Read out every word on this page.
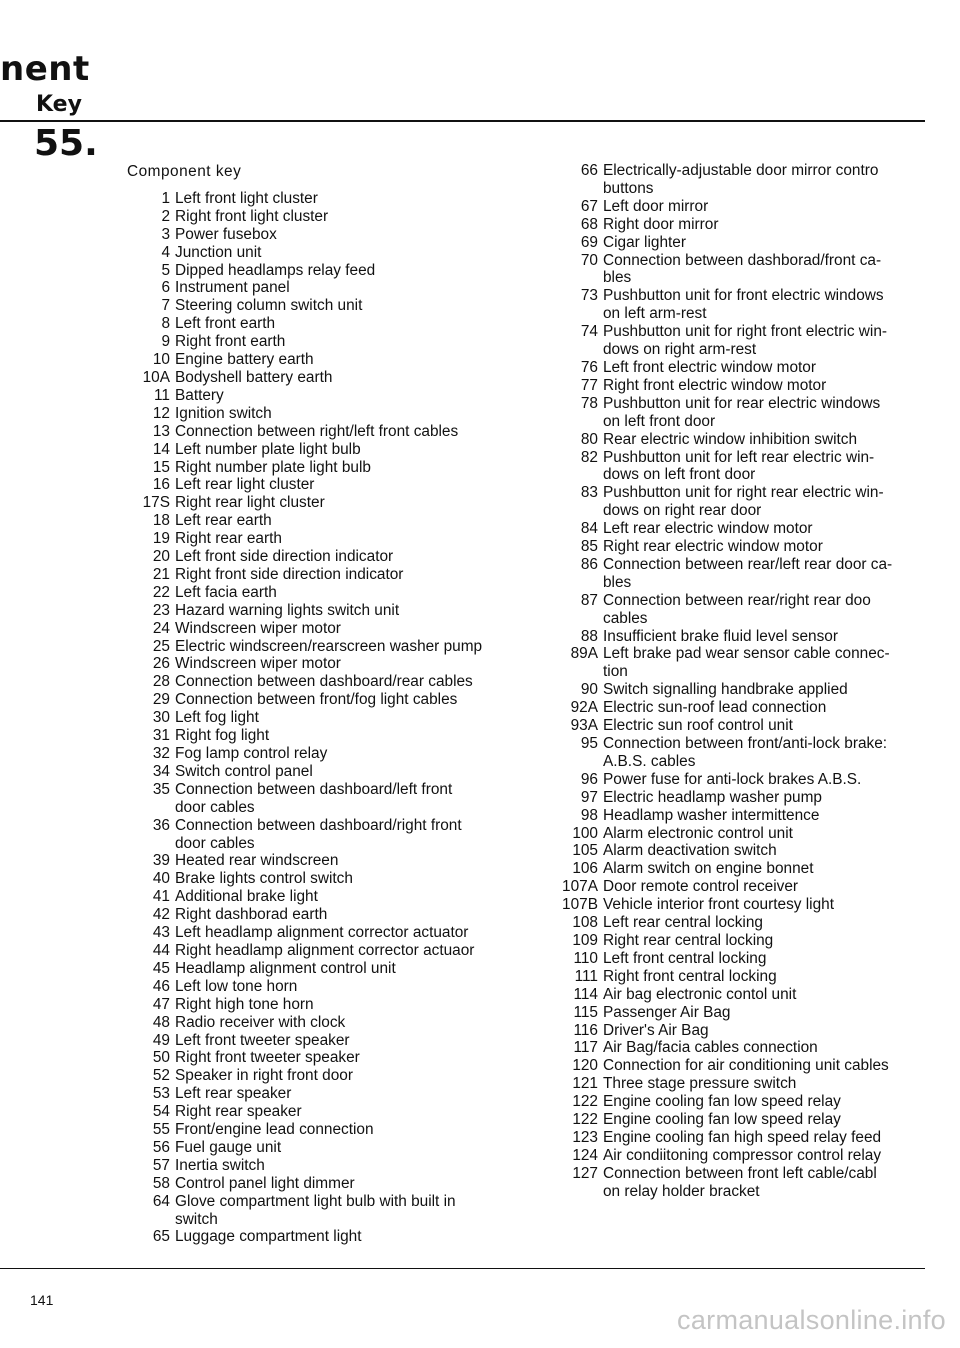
nent
Key
55.
Component key
1 Left front light cluster
2 Right front light cluster
3 Power fusebox
4 Junction unit
5 Dipped headlamps relay feed
6 Instrument panel
7 Steering column switch unit
8 Left front earth
9 Right front earth
10 Engine battery earth
10A Bodyshell battery earth
11 Battery
12 Ignition switch
13 Connection between right/left front cables
14 Left number plate light bulb
15 Right number plate light bulb
16 Left rear light cluster
17S Right rear light cluster
18 Left rear earth
19 Right rear earth
20 Left front side direction indicator
21 Right front side direction indicator
22 Left facia earth
23 Hazard warning lights switch unit
24 Windscreen wiper motor
25 Electric windscreen/rearscreen washer pump
26 Windscreen wiper motor
28 Connection between dashboard/rear cables
29 Connection between front/fog light cables
30 Left fog light
31 Right fog light
32 Fog lamp control relay
34 Switch control panel
35 Connection between dashboard/left front
door cables
36 Connection between dashboard/right front
door cables
39 Heated rear windscreen
40 Brake lights control switch
41 Additional brake light
42 Right dashborad earth
43 Left headlamp alignment corrector actuator
44 Right headlamp alignment corrector actuaor
45 Headlamp alignment control unit
46 Left low tone horn
47 Right high tone horn
48 Radio receiver with clock
49 Left front tweeter speaker
50 Right front tweeter speaker
52 Speaker in right front door
53 Left rear speaker
54 Right rear speaker
55 Front/engine lead connection
56 Fuel gauge unit
57 Inertia switch
58 Control panel light dimmer
64 Glove compartment light bulb with built in
switch
65 Luggage compartment light
66 Electrically-adjustable door mirror contro
buttons
67 Left door mirror
68 Right door mirror
69 Cigar lighter
70 Connection between dashborad/front ca-
bles
73 Pushbutton unit for front electric windows
on left arm-rest
74 Pushbutton unit for right front electric win-
dows on right arm-rest
76 Left front electric window motor
77 Right front electric window motor
78 Pushbutton unit for rear electric windows
on left front door
80 Rear electric window inhibition switch
82 Pushbutton unit for left rear electric win-
dows on left front door
83 Pushbutton unit for right rear electric win-
dows on right rear door
84 Left rear electric window motor
85 Right rear electric window motor
86 Connection between rear/left rear door ca-
bles
87 Connection between rear/right rear doo
cables
88 Insufficient brake fluid level sensor
89A Left brake pad wear sensor cable connec-
tion
90 Switch signalling handbrake applied
92A Electric sun-roof lead connection
93A Electric sun roof control unit
95 Connection between front/anti-lock brake:
A.B.S. cables
96 Power fuse for anti-lock brakes A.B.S.
97 Electric headlamp washer pump
98 Headlamp washer intermittence
100 Alarm electronic control unit
105 Alarm deactivation switch
106 Alarm switch on engine bonnet
107A Door remote control receiver
107B Vehicle interior front courtesy light
108 Left rear central locking
109 Right rear central locking
110 Left front central locking
111 Right front central locking
114 Air bag electronic contol unit
115 Passenger Air Bag
116 Driver's Air Bag
117 Air Bag/facia cables connection
120 Connection for air conditioning unit cables
121 Three stage pressure switch
122 Engine cooling fan low speed relay
122 Engine cooling fan low speed relay
123 Engine cooling fan high speed relay feed
124 Air condiitoning compressor control relay
127 Connection between front left cable/cabl
on relay holder bracket
141
carmanualsonline.info
